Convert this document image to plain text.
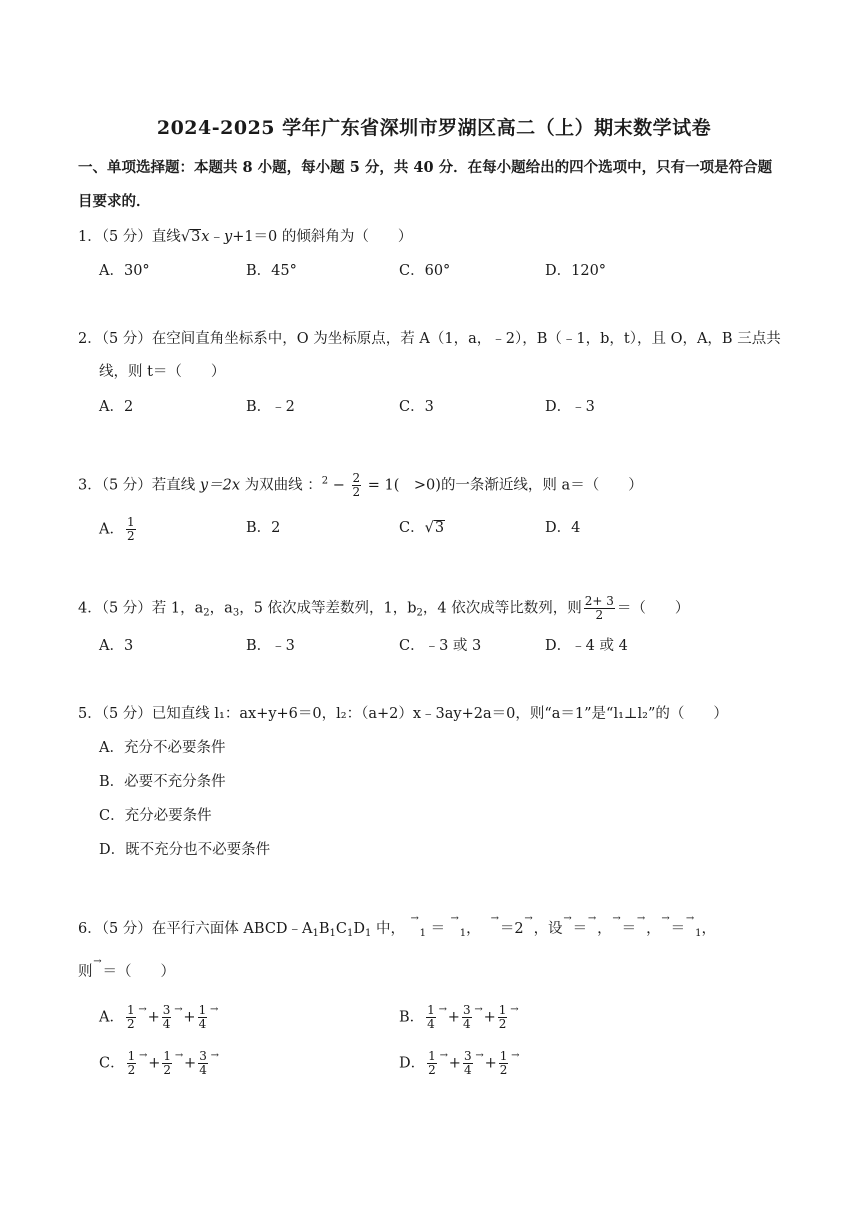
2024-2025 学年广东省深圳市罗湖区高二（上）期末数学试卷
一、单项选择题：本题共 8 小题，每小题 5 分，共 40 分．在每小题给出的四个选项中，只有一项是符合题
目要求的．
1．（5 分）直线√3x﹣y+1＝0 的倾斜角为（　　）
A．30°	B．45°	C．60°	D．120°
2．（5 分）在空间直角坐标系中，O 为坐标原点，若 A（1，a，﹣2），B（﹣1，b，t），且 O，A，B 三点共
线，则 t＝（　　）
A．2	B．﹣2	C．3	D．﹣3
3．（5 分）若直线 y＝2x 为双曲线 ：$^2 - \frac{2}{2} = 1$(　>0)的一条渐近线，则 a＝（　　）
A． $\frac{1}{2}$	B．2	C．√3	D．4
4．（5 分）若 1，$a_2$，$a_3$，5 依次成等差数列，1，$b_2$，4 依次成等比数列，则 $\frac{2+ 3}{2}$ ＝（　　）
A．3	B．﹣3	C．﹣3 或 3	D．﹣4 或 4
5．（5 分）已知直线 l₁：ax+y+6＝0，l₂：（a+2）x﹣3ay+2a＝0，则“a＝1”是“l₁⊥l₂”的（　　）
A．充分不必要条件
B．必要不充分条件
C．充分必要条件
D．既不充分也不必要条件
6．（5 分）在平行六面体 $ABCD﹣A_1B_1C_1D_1$ 中， → $_1$ ＝ →  $_1$， → ＝2 → ，设 → ＝ → ， → ＝ → ， → ＝ → $_1$，
则 → ＝（　　）
A． $\frac{1}{2}$ → + $\frac{3}{4}$ → + $\frac{1}{4}$ →	B． $\frac{1}{4}$ → + $\frac{3}{4}$ → + $\frac{1}{2}$
→
C． $\frac{1}{2}$ → + $\frac{1}{2}$ → + $\frac{3}{4}$ →	D． $\frac{1}{2}$ → + $\frac{3}{4}$ → + $\frac{1}{2}$
→
